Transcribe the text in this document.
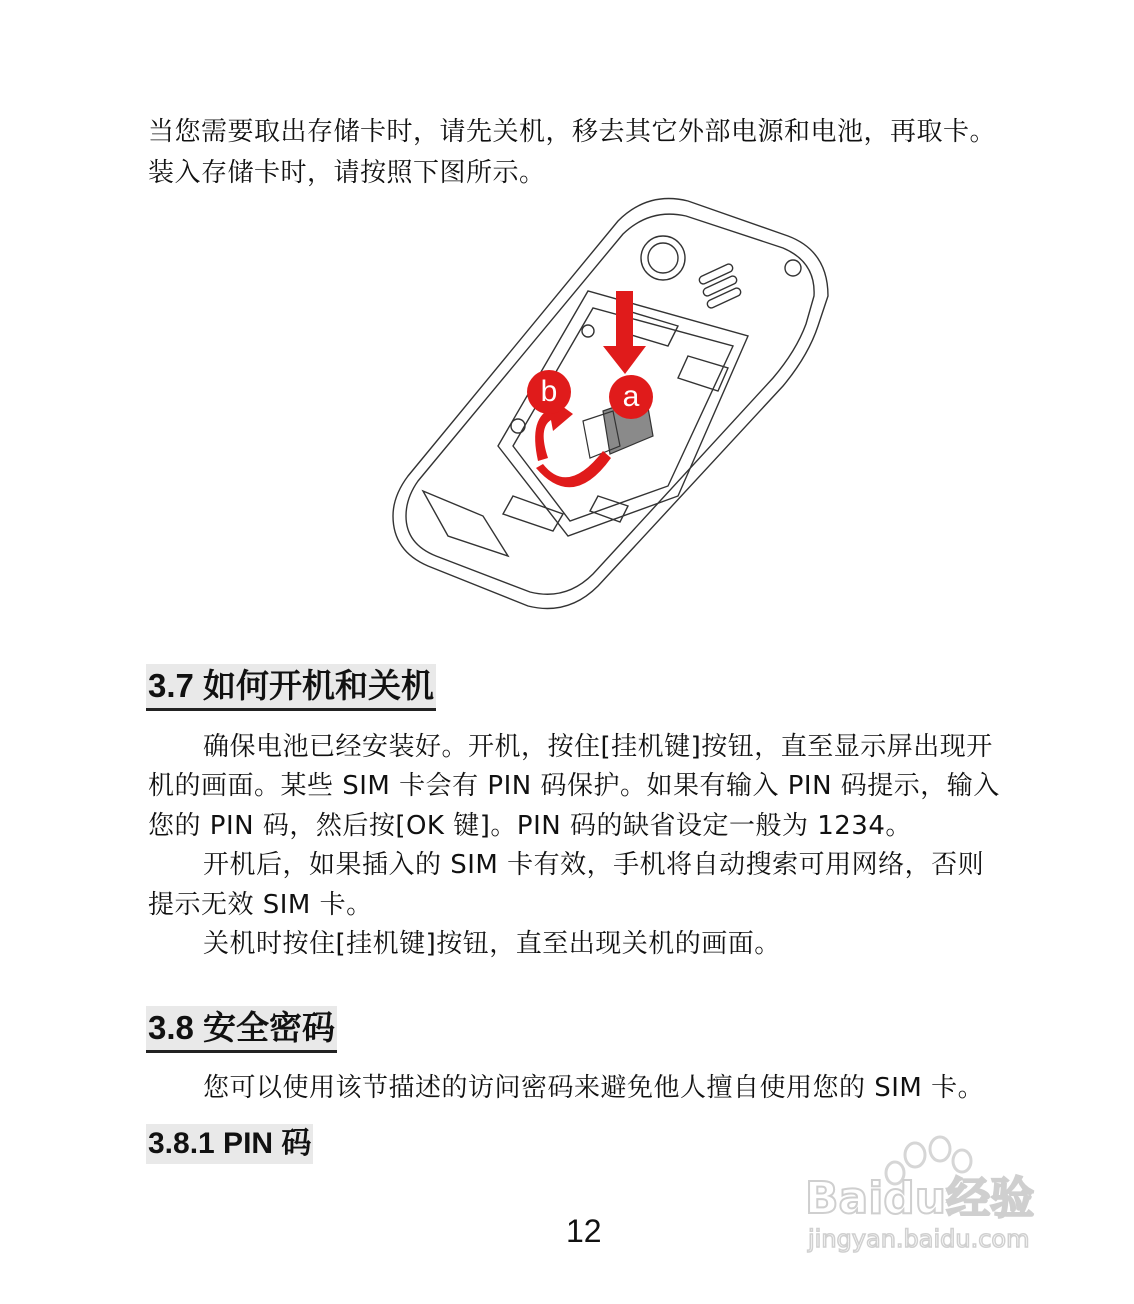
当您需要取出存储卡时，请先关机，移去其它外部电源和电池，再取卡。
装入存储卡时，请按照下图所示。
b a
3.7 如何开机和关机
确保电池已经安装好。开机，按住[挂机键]按钮，直至显示屏出现开
机的画面。某些 SIM 卡会有 PIN 码保护。如果有输入 PIN 码提示，输入
您的 PIN 码，然后按[OK 键]。PIN 码的缺省设定一般为 1234。
开机后，如果插入的 SIM 卡有效，手机将自动搜索可用网络，否则
提示无效 SIM 卡。
关机时按住[挂机键]按钮，直至出现关机的画面。
3.8 安全密码
您可以使用该节描述的访问密码来避免他人擅自使用您的 SIM 卡。
3.8.1 PIN 码
12
Baidu经验
jingyan.baidu.com
